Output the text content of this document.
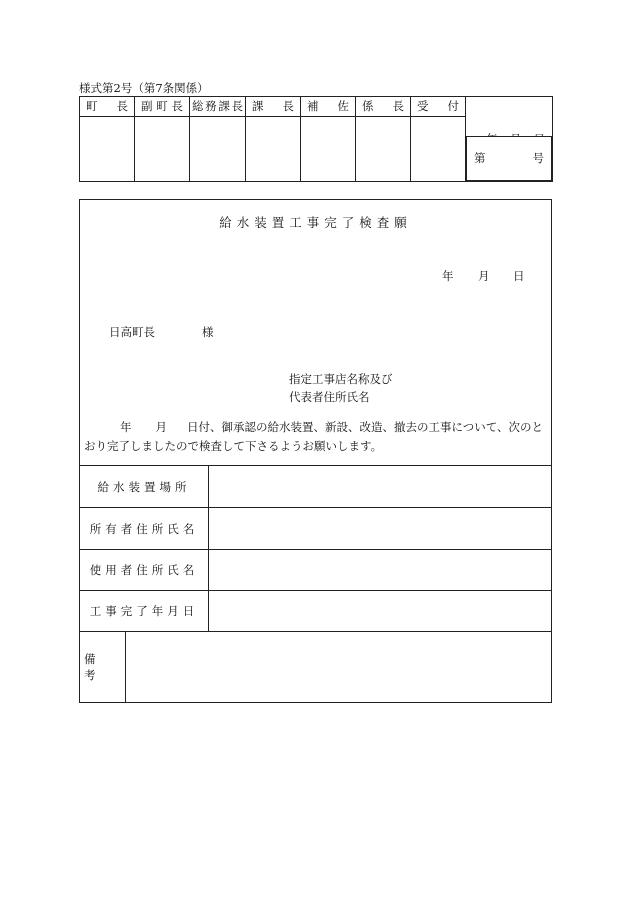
様式第2号（第7条関係）
町　長	副 町 長	総務課長	課　長	補　佐	係　長	受　付	

第　　　号
給水装置工事完了検査願
年 月 日
日高町長	様
指定工事店名称及び
代表者住所氏名
年 月 日付、御承認の給水装置、新設、改造、撤去の工事について、次のとおり完了しましたので検査して下さるようお願いします。
給水装置場所
所有者住所氏名
使用者住所氏名
工事完了年月日
備 考
